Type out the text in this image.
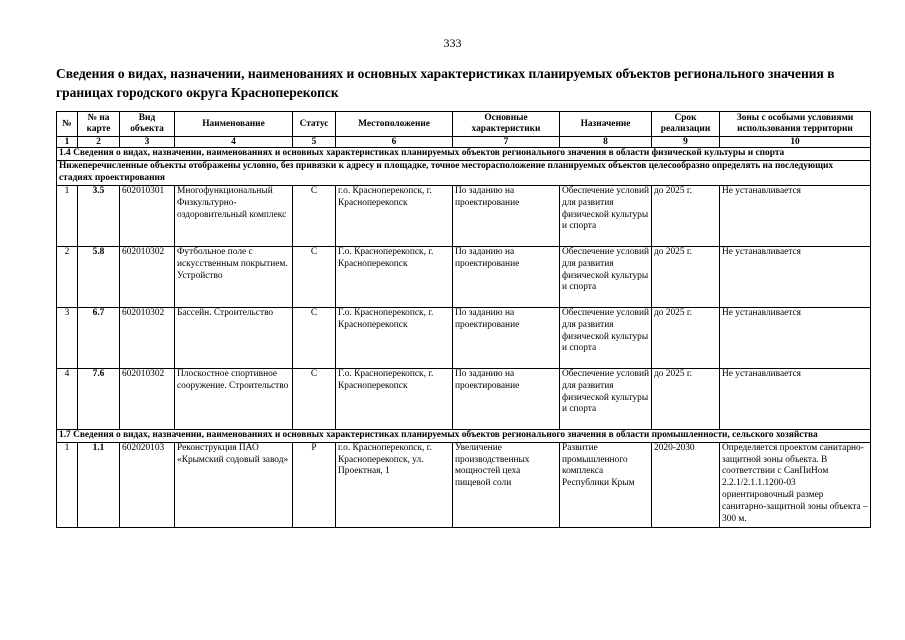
333
Сведения о видах, назначении, наименованиях и основных характеристиках планируемых объектов регионального значения в границах городского округа Красноперекопск
№	№ на карте	Вид объекта	Наименование	Статус	Местоположение	Основные характеристики	Назначение	Срок реализации	Зоны с особыми условиями использования территории
1	2	3	4	5	6	7	8	9	10
1.4 Сведения о видах, назначении, наименованиях и основных характеристиках планируемых объектов регионального значения в области физической культуры и спорта									
Нижеперечисленные объекты отображены условно, без привязки к адресу и площадке, точное месторасположение планируемых объектов целесообразно определять на последующих стадиях проектирования									
1	3.5	602010301	Многофункциональный Физкультурно-оздоровительный комплекс	С	г.о. Красноперекопск, г. Красноперекопск	По заданию на проектирование	Обеспечение условий для развития физической культуры и спорта	до 2025 г.	Не устанавливается
2	5.8	602010302	Футбольное поле с искусственным покрытием. Устройство	С	Г.о. Красноперекопск, г. Красноперекопск	По заданию на проектирование	Обеспечение условий для развития физической культуры и спорта	до 2025 г.	Не устанавливается
3	6.7	602010302	Бассейн. Строительство	С	Г.о. Красноперекопск, г. Красноперекопск	По заданию на проектирование	Обеспечение условий для развития физической культуры и спорта	до 2025 г.	Не устанавливается
4	7.6	602010302	Плоскостное спортивное сооружение. Строительство	С	Г.о. Красноперекопск, г. Красноперекопск	По заданию на проектирование	Обеспечение условий для развития физической культуры и спорта	до 2025 г.	Не устанавливается
1.7 Сведения о видах, назначении, наименованиях и основных характеристиках планируемых объектов регионального значения в области промышленности, сельского хозяйства									
1	1.1	602020103	Реконструкция ПАО «Крымский содовый завод»	Р	г.о. Красноперекопск, г. Красноперекопск, ул. Проектная, 1	Увеличение производственных мощностей цеха пищевой соли	Развитие промышленного комплекса Республики Крым	2020-2030	Определяется проектом санитарно-защитной зоны объекта. В соответствии с СанПиНом 2.2.1/2.1.1.1200-03 ориентировочный размер санитарно-защитной зоны объекта – 300 м.
